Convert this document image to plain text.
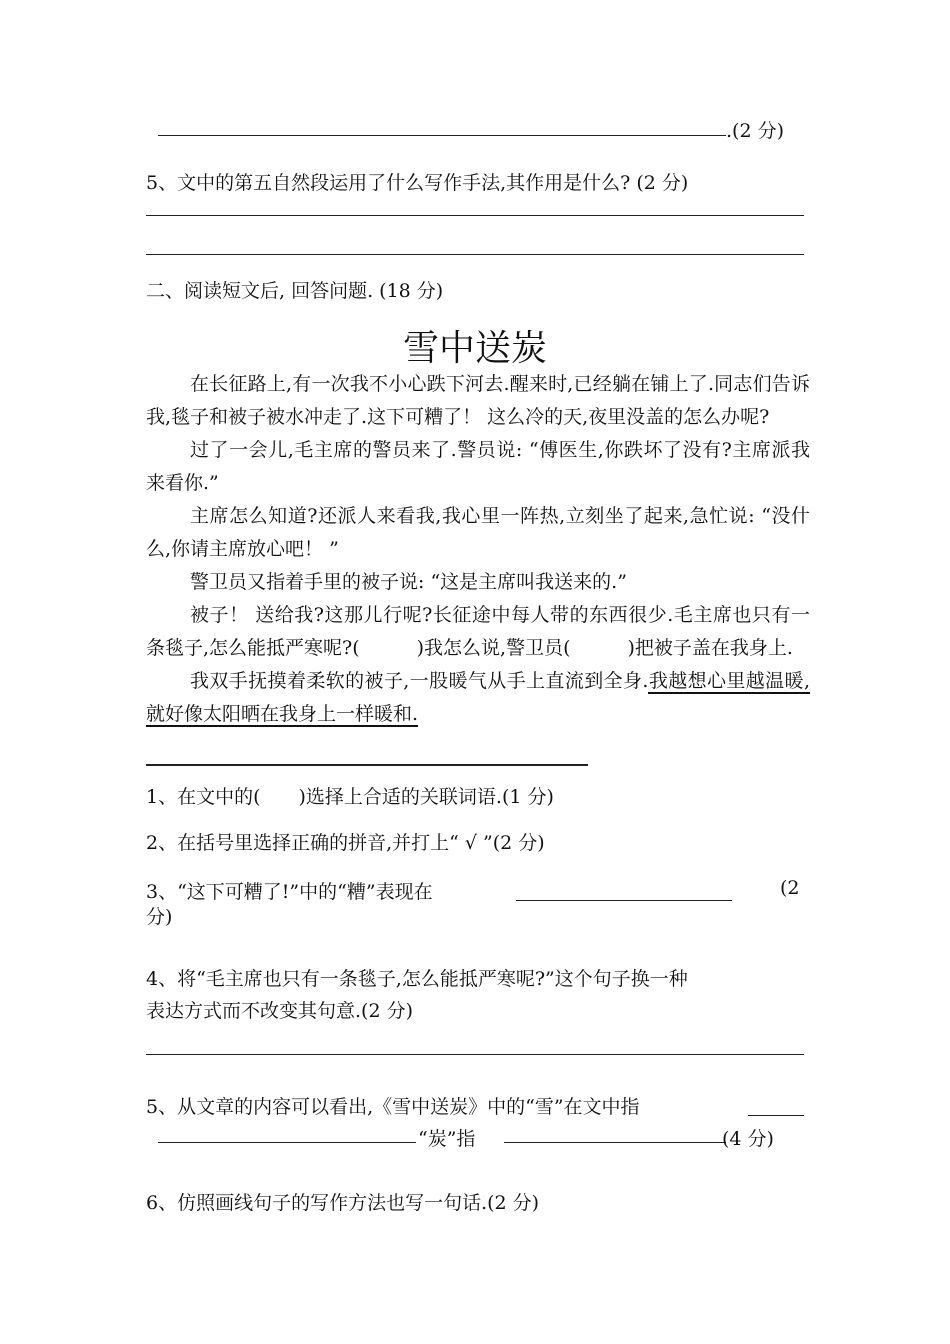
.(2 分)
5、文中的第五自然段运用了什么写作手法,其作用是什么? (2 分)
二、阅读短文后, 回答问题. (18 分)
雪中送炭

在长征路上,有一次我不小心跌下河去.醒来时,已经躺在铺上了.同志们告诉我,毯子和被子被水冲走了.这下可糟了！ 这么冷的天,夜里没盖的怎么办呢?

过了一会儿,毛主席的警员来了.警员说: “傅医生,你跌坏了没有?主席派我来看你.”

主席怎么知道?还派人来看我,我心里一阵热,立刻坐了起来,急忙说: “没什么,你请主席放心吧！ ”

警卫员又指着手里的被子说: “这是主席叫我送来的.”

被子！ 送给我?这那儿行呢?长征途中每人带的东西很少.毛主席也只有一条毯子,怎么能抵严寒呢?(　　　)我怎么说,警卫员(　　　)把被子盖在我身上.

我双手抚摸着柔软的被子,一股暖气从手上直流到全身.我越想心里越温暖,就好像太阳晒在我身上一样暖和.

1、在文中的(　　)选择上合适的关联词语.(1 分)
2、在括号里选择正确的拼音,并打上“ √ ”(2 分)
3、“这下可糟了!”中的“糟”表现在	(2
分)
4、将“毛主席也只有一条毯子,怎么能抵严寒呢?”这个句子换一种
表达方式而不改变其句意.(2 分)
5、从文章的内容可以看出,《雪中送炭》中的“雪”在文中指
“炭”指	(4 分)
6、仿照画线句子的写作方法也写一句话.(2 分)
